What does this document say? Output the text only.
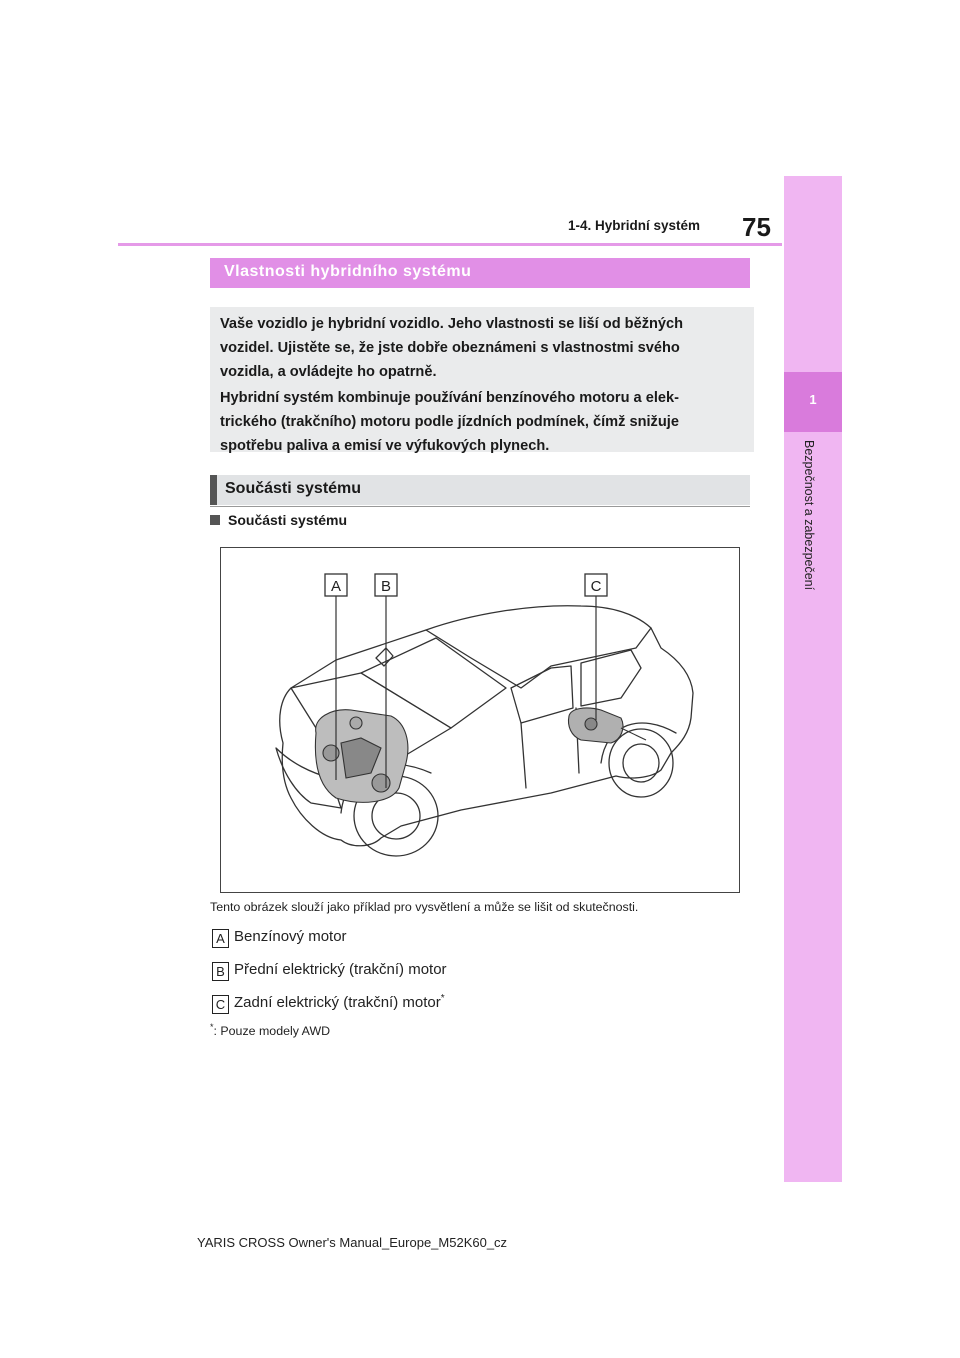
1
Bezpečnost a zabezpečení
1-4. Hybridní systém 75
Vlastnosti hybridního systému

Vaše vozidlo je hybridní vozidlo. Jeho vlastnosti se liší od běžných

vozidel. Ujistěte se, že jste dobře obeznámeni s vlastnostmi svého

vozidla, a ovládejte ho opatrně.

Hybridní systém kombinuje používání benzínového motoru a elek-

trického (trakčního) motoru podle jízdních podmínek, čímž snižuje

spotřebu paliva a emisí ve výfukových plynech.

Součásti systému
Součásti systému
A	B	C
Tento obrázek slouží jako příklad pro vysvětlení a může se lišit od skutečnosti.
A Benzínový motor
B Přední elektrický (trakční) motor
C Zadní elektrický (trakční) motor*
*: Pouze modely AWD
YARIS CROSS Owner's Manual_Europe_M52K60_cz
